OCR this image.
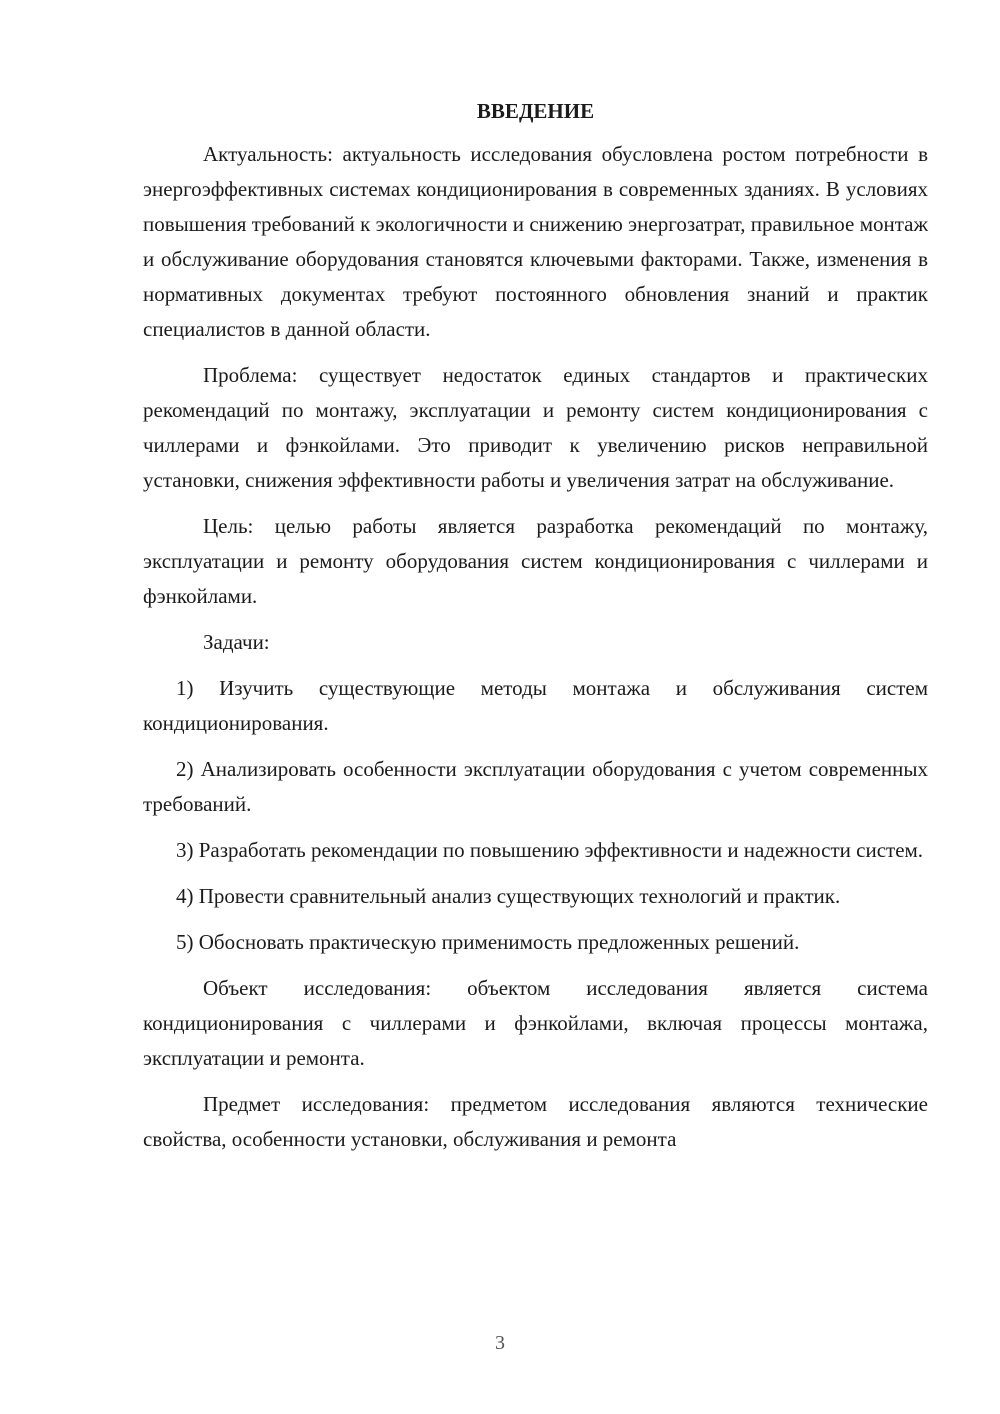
ВВЕДЕНИЕ

Актуальность: актуальность исследования обусловлена ростом потребности в энергоэффективных системах кондиционирования в современных зданиях. В условиях повышения требований к экологичности и снижению энергозатрат, правильное монтаж и обслуживание оборудования становятся ключевыми факторами. Также, изменения в нормативных документах требуют постоянного обновления знаний и практик специалистов в данной области.

Проблема: существует недостаток единых стандартов и практических рекомендаций по монтажу, эксплуатации и ремонту систем кондиционирования с чиллерами и фэнкойлами. Это приводит к увеличению рисков неправильной установки, снижения эффективности работы и увеличения затрат на обслуживание.

Цель: целью работы является разработка рекомендаций по монтажу, эксплуатации и ремонту оборудования систем кондиционирования с чиллерами и фэнкойлами.

Задачи:

1) Изучить существующие методы монтажа и обслуживания систем кондиционирования.

2) Анализировать особенности эксплуатации оборудования с учетом современных требований.

3) Разработать рекомендации по повышению эффективности и надежности систем.

4) Провести сравнительный анализ существующих технологий и практик.

5) Обосновать практическую применимость предложенных решений.

Объект исследования: объектом исследования является система кондиционирования с чиллерами и фэнкойлами, включая процессы монтажа, эксплуатации и ремонта.

Предмет исследования: предметом исследования являются технические свойства, особенности установки, обслуживания и ремонта

3
